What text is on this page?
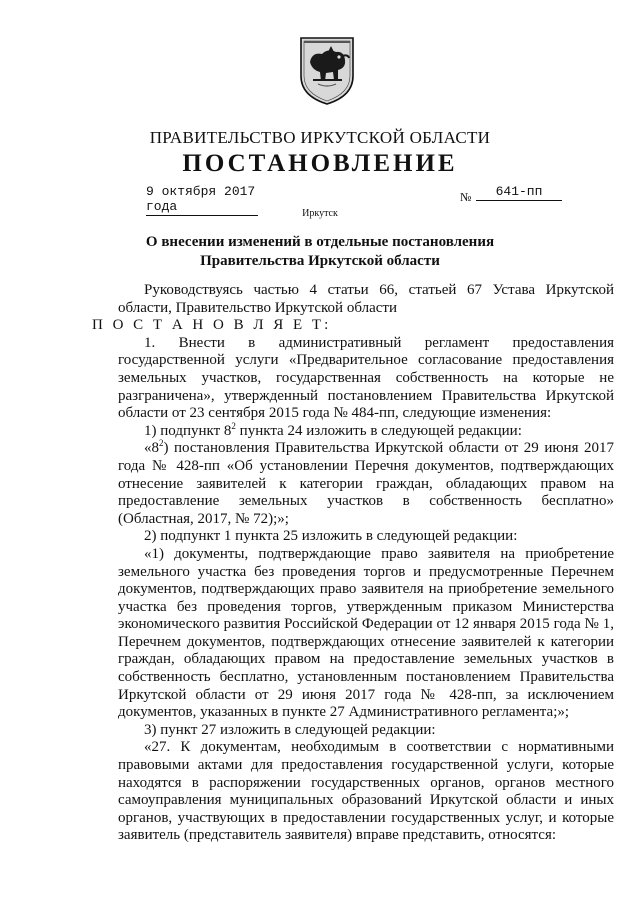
ПРАВИТЕЛЬСТВО ИРКУТСКОЙ ОБЛАСТИ
ПОСТАНОВЛЕНИЕ
9 октября 2017 года
№	641-пп
Иркутск
О внесении изменений в отдельные постановления
Правительства Иркутской области

Руководствуясь частью 4 статьи 66, статьей 67 Устава Иркутской области, Правительство Иркутской области

П О С Т А Н О В Л Я Е Т:

1. Внести в административный регламент предоставления государственной услуги «Предварительное согласование предоставления земельных участков, государственная собственность на которые не разграничена», утвержденный постановлением Правительства Иркутской области от 23 сентября 2015 года № 484-пп, следующие изменения:

1) подпункт $8^2$ пункта 24 изложить в следующей редакции:

«$8^2$) постановления Правительства Иркутской области от 29 июня 2017 года № 428-пп «Об установлении Перечня документов, подтверждающих отнесение заявителей к категории граждан, обладающих правом на предоставление земельных участков в собственность бесплатно» (Областная, 2017, № 72);»;

2) подпункт 1 пункта 25 изложить в следующей редакции:

«1) документы, подтверждающие право заявителя на приобретение земельного участка без проведения торгов и предусмотренные Перечнем документов, подтверждающих право заявителя на приобретение земельного участка без проведения торгов, утвержденным приказом Министерства экономического развития Российской Федерации от 12 января 2015 года № 1, Перечнем документов, подтверждающих отнесение заявителей к категории граждан, обладающих правом на предоставление земельных участков в собственность бесплатно, установленным постановлением Правительства Иркутской области от 29 июня 2017 года № 428-пп, за исключением документов, указанных в пункте 27 Административного регламента;»;

3) пункт 27 изложить в следующей редакции:

«27. К документам, необходимым в соответствии с нормативными правовыми актами для предоставления государственной услуги, которые находятся в распоряжении государственных органов, органов местного самоуправления муниципальных образований Иркутской области и иных органов, участвующих в предоставлении государственных услуг, и которые заявитель (представитель заявителя) вправе представить, относятся:
